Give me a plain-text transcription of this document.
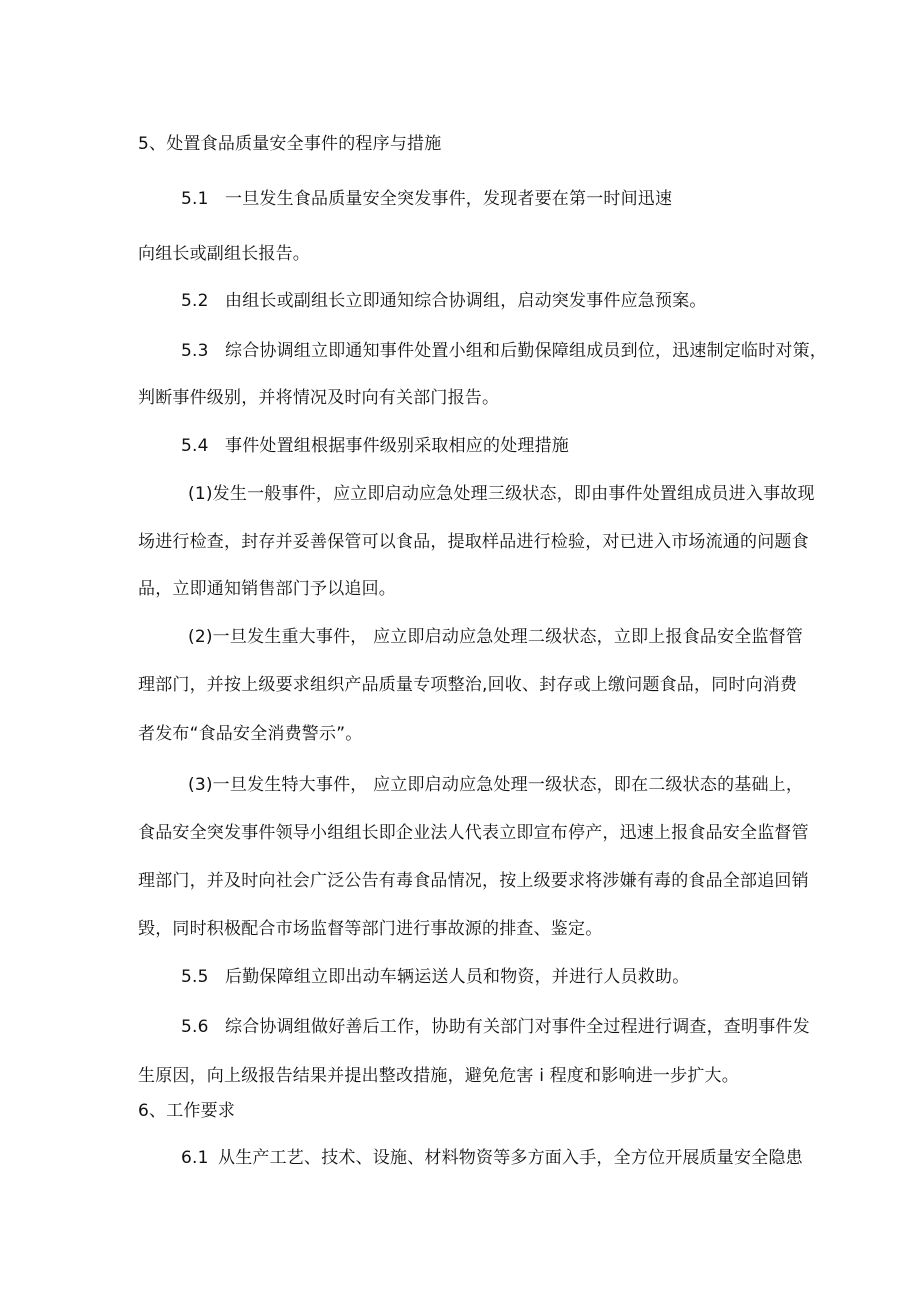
5、处置食品质量安全事件的程序与措施
5.1 一旦发生食品质量安全突发事件，发现者要在第一时间迅速
向组长或副组长报告。
5.2 由组长或副组长立即通知综合协调组，启动突发事件应急预案。
5.3 综合协调组立即通知事件处置小组和后勤保障组成员到位，迅速制定临时对策，
判断事件级别，并将情况及时向有关部门报告。
5.4 事件处置组根据事件级别采取相应的处理措施
(1)发生一般事件，应立即启动应急处理三级状态，即由事件处置组成员进入事故现
场进行检查，封存并妥善保管可以食品，提取样品进行检验，对已进入市场流通的问题食
品，立即通知销售部门予以追回。
(2)一旦发生重大事件， 应立即启动应急处理二级状态，立即上报食品安全监督管
理部门，并按上级要求组织产品质量专项整治,回收、封存或上缴问题食品，同时向消费
者发布“食品安全消费警示”。
(3)一旦发生特大事件， 应立即启动应急处理一级状态，即在二级状态的基础上，
食品安全突发事件领导小组组长即企业法人代表立即宣布停产，迅速上报食品安全监督管
理部门，并及时向社会广泛公告有毒食品情况，按上级要求将涉嫌有毒的食品全部追回销
毁，同时积极配合市场监督等部门进行事故源的排查、鉴定。
5.5 后勤保障组立即出动车辆运送人员和物资，并进行人员救助。
5.6 综合协调组做好善后工作，协助有关部门对事件全过程进行调查，查明事件发
生原因，向上级报告结果并提出整改措施，避免危害 i 程度和影响进一步扩大。
6、工作要求
6.1 从生产工艺、技术、设施、材料物资等多方面入手，全方位开展质量安全隐患
